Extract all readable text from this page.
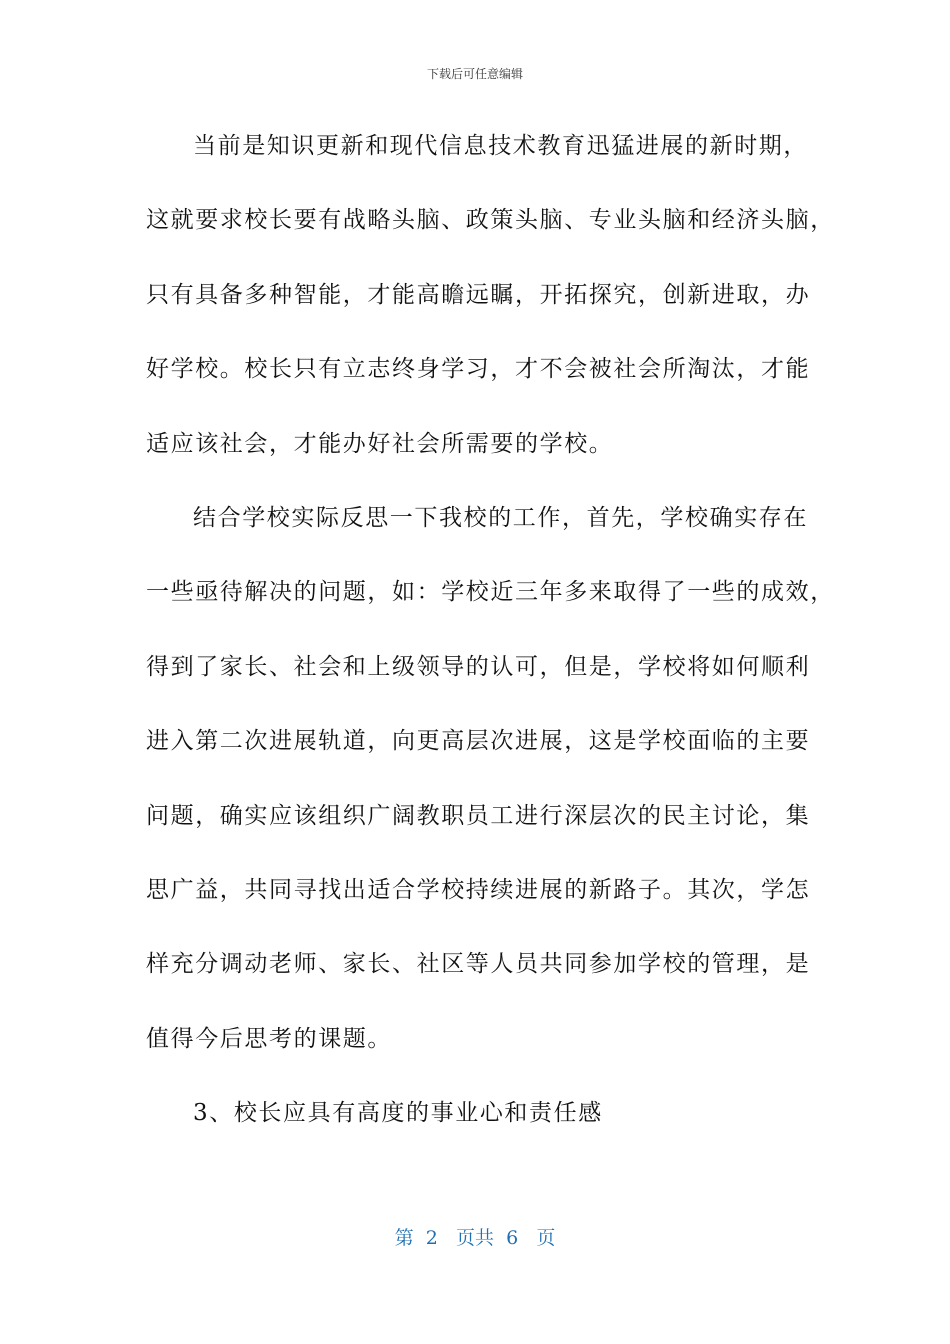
下载后可任意编辑
当前是知识更新和现代信息技术教育迅猛进展的新时期，
这就要求校长要有战略头脑、政策头脑、专业头脑和经济头脑，
只有具备多种智能，才能高瞻远瞩，开拓探究，创新进取，办
好学校。校长只有立志终身学习，才不会被社会所淘汰，才能
适应该社会，才能办好社会所需要的学校。
结合学校实际反思一下我校的工作，首先，学校确实存在
一些亟待解决的问题，如：学校近三年多来取得了一些的成效，
得到了家长、社会和上级领导的认可，但是，学校将如何顺利
进入第二次进展轨道，向更高层次进展，这是学校面临的主要
问题，确实应该组织广阔教职员工进行深层次的民主讨论，集
思广益，共同寻找出适合学校持续进展的新路子。其次，学怎
样充分调动老师、家长、社区等人员共同参加学校的管理，是
值得今后思考的课题。
3、校长应具有高度的事业心和责任感
第 2 页共 6 页
